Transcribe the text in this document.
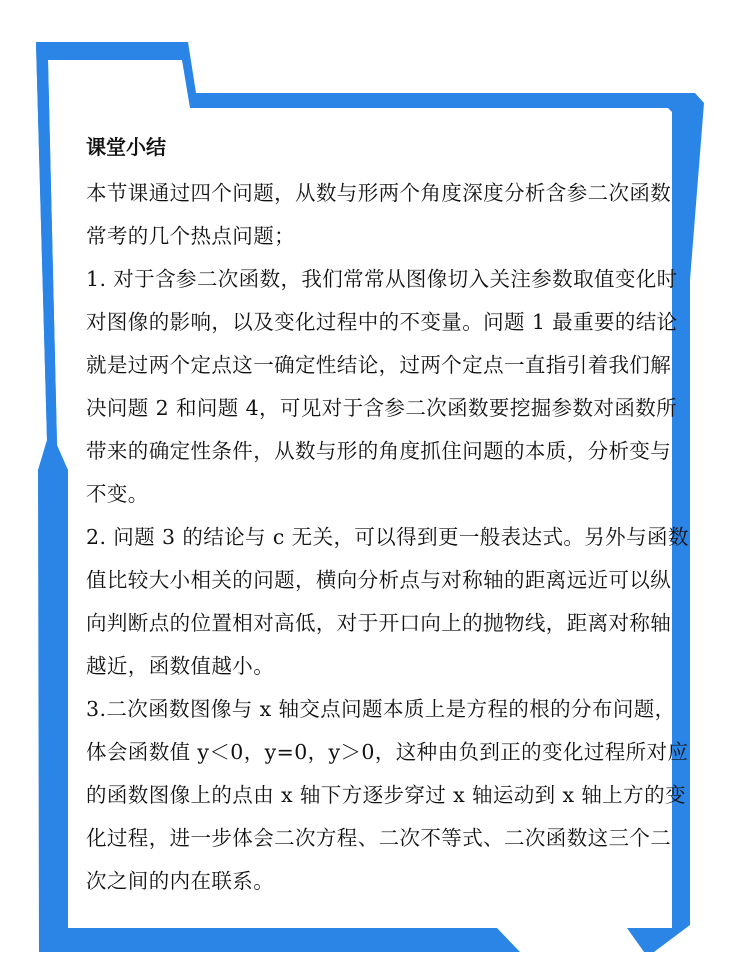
课堂小结
本节课通过四个问题，从数与形两个角度深度分析含参二次函数
常考的几个热点问题；
1. 对于含参二次函数，我们常常从图像切入关注参数取值变化时
对图像的影响，以及变化过程中的不变量。问题 1 最重要的结论
就是过两个定点这一确定性结论，过两个定点一直指引着我们解
决问题 2 和问题 4，可见对于含参二次函数要挖掘参数对函数所
带来的确定性条件，从数与形的角度抓住问题的本质，分析变与
不变。
2. 问题 3 的结论与 c 无关，可以得到更一般表达式。另外与函数
值比较大小相关的问题，横向分析点与对称轴的距离远近可以纵
向判断点的位置相对高低，对于开口向上的抛物线，距离对称轴
越近，函数值越小。
3.二次函数图像与 x 轴交点问题本质上是方程的根的分布问题，
体会函数值 y＜0，y=0，y＞0，这种由负到正的变化过程所对应
的函数图像上的点由 x 轴下方逐步穿过 x 轴运动到 x 轴上方的变
化过程，进一步体会二次方程、二次不等式、二次函数这三个二
次之间的内在联系。
